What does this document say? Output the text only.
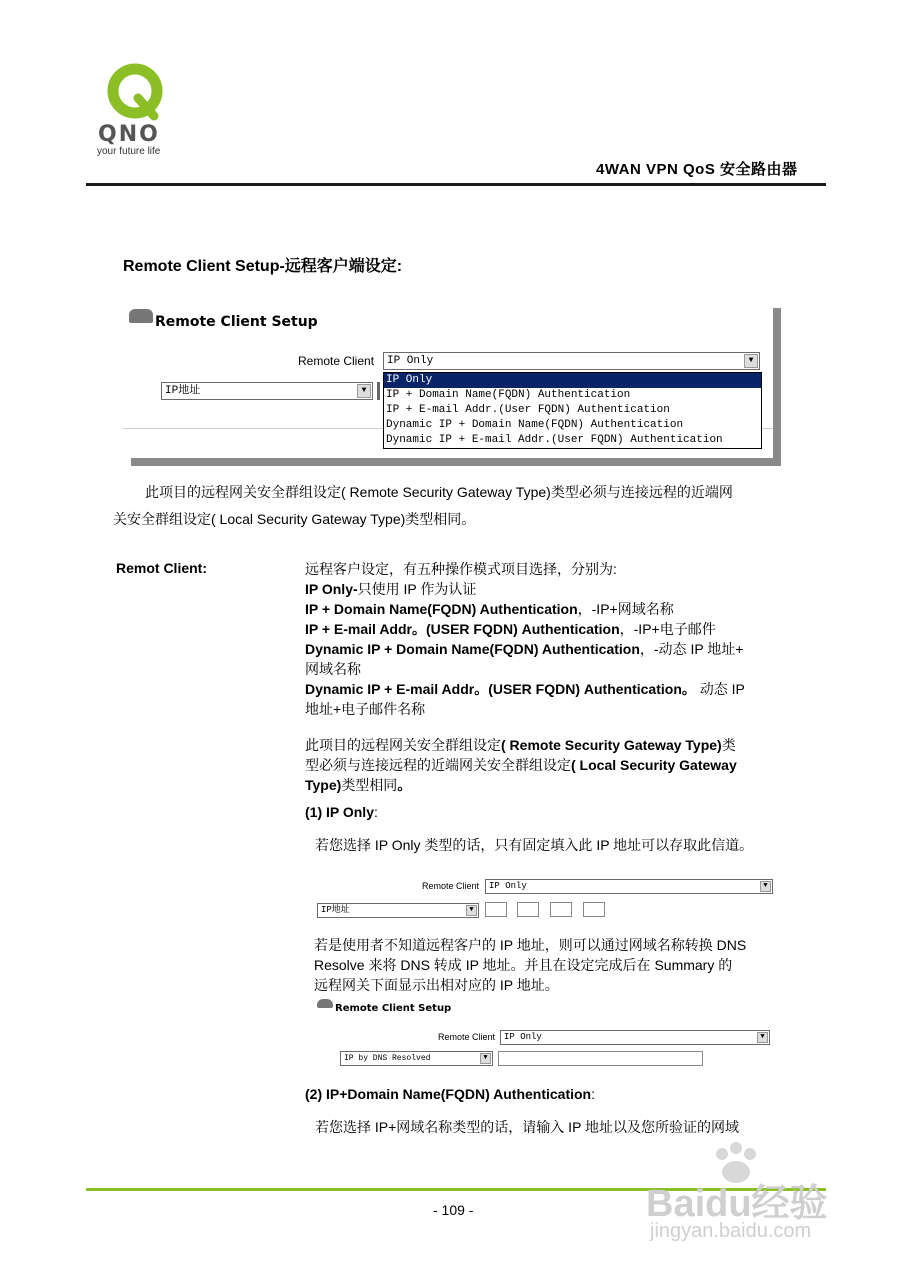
QNO
your future life
4WAN VPN QoS 安全路由器
Remote Client Setup-远程客户端设定:
Remote Client Setup
Remote Client	IP Only	▼
IP地址	▼
IP Only
IP + Domain Name(FQDN) Authentication
IP + E-mail Addr.(User FQDN) Authentication
Dynamic IP + Domain Name(FQDN) Authentication
Dynamic IP + E-mail Addr.(User FQDN) Authentication
此项目的远程网关安全群组设定( Remote Security Gateway Type)类型必须与连接远程的近端网
关安全群组设定( Local Security Gateway Type)类型相同。
Remot Client:	远程客户设定，有五种操作模式项目选择，分别为:
IP Only-只使用 IP 作为认证
IP + Domain Name(FQDN) Authentication，-IP+网域名称
IP + E-mail Addr。(USER FQDN) Authentication，-IP+电子邮件
Dynamic IP + Domain Name(FQDN) Authentication，-动态 IP 地址+
网域名称
Dynamic IP + E-mail Addr。(USER FQDN) Authentication。 动态 IP
地址+电子邮件名称
此项目的远程网关安全群组设定( Remote Security Gateway Type)类
型必须与连接远程的近端网关安全群组设定( Local Security Gateway
Type)类型相同。
(1) IP Only:
若您选择 IP Only 类型的话，只有固定填入此 IP 地址可以存取此信道。
Remote Client	IP Only	▼
IP地址	▼
若是使用者不知道远程客户的 IP 地址，则可以通过网域名称转换 DNS
Resolve 来将 DNS 转成 IP 地址。并且在设定完成后在 Summary 的
远程网关下面显示出相对应的 IP 地址。
Remote Client Setup
Remote Client IP Only	▼
IP by DNS Resolved	▼
(2) IP+Domain Name(FQDN) Authentication:
若您选择 IP+网域名称类型的话，请输入 IP 地址以及您所验证的网域
- 109 -	Baidu经验
jingyan.baidu.com
